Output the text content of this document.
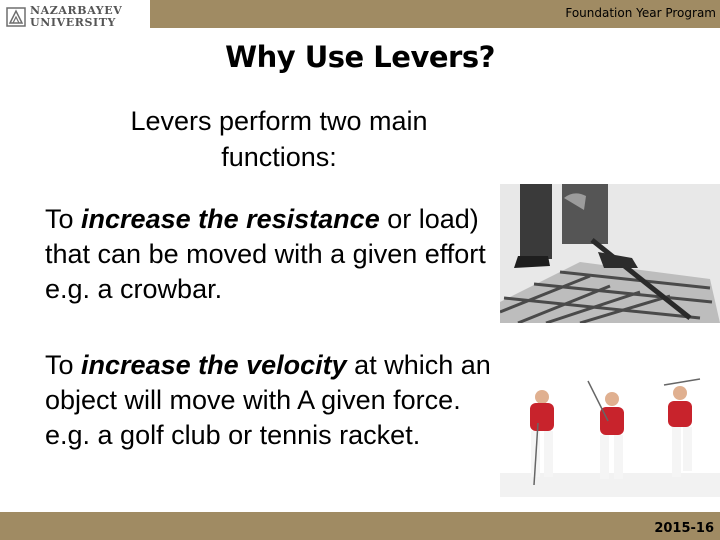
NAZARBAYEV
UNIVERSITY
Foundation Year Program
Why Use Levers?
Levers perform two main functions:
To increase the resistance or load) that can be moved with a given effort e.g. a crowbar.
To increase the velocity at which an object will move with A given force. e.g. a golf club or tennis racket.
2015-16
